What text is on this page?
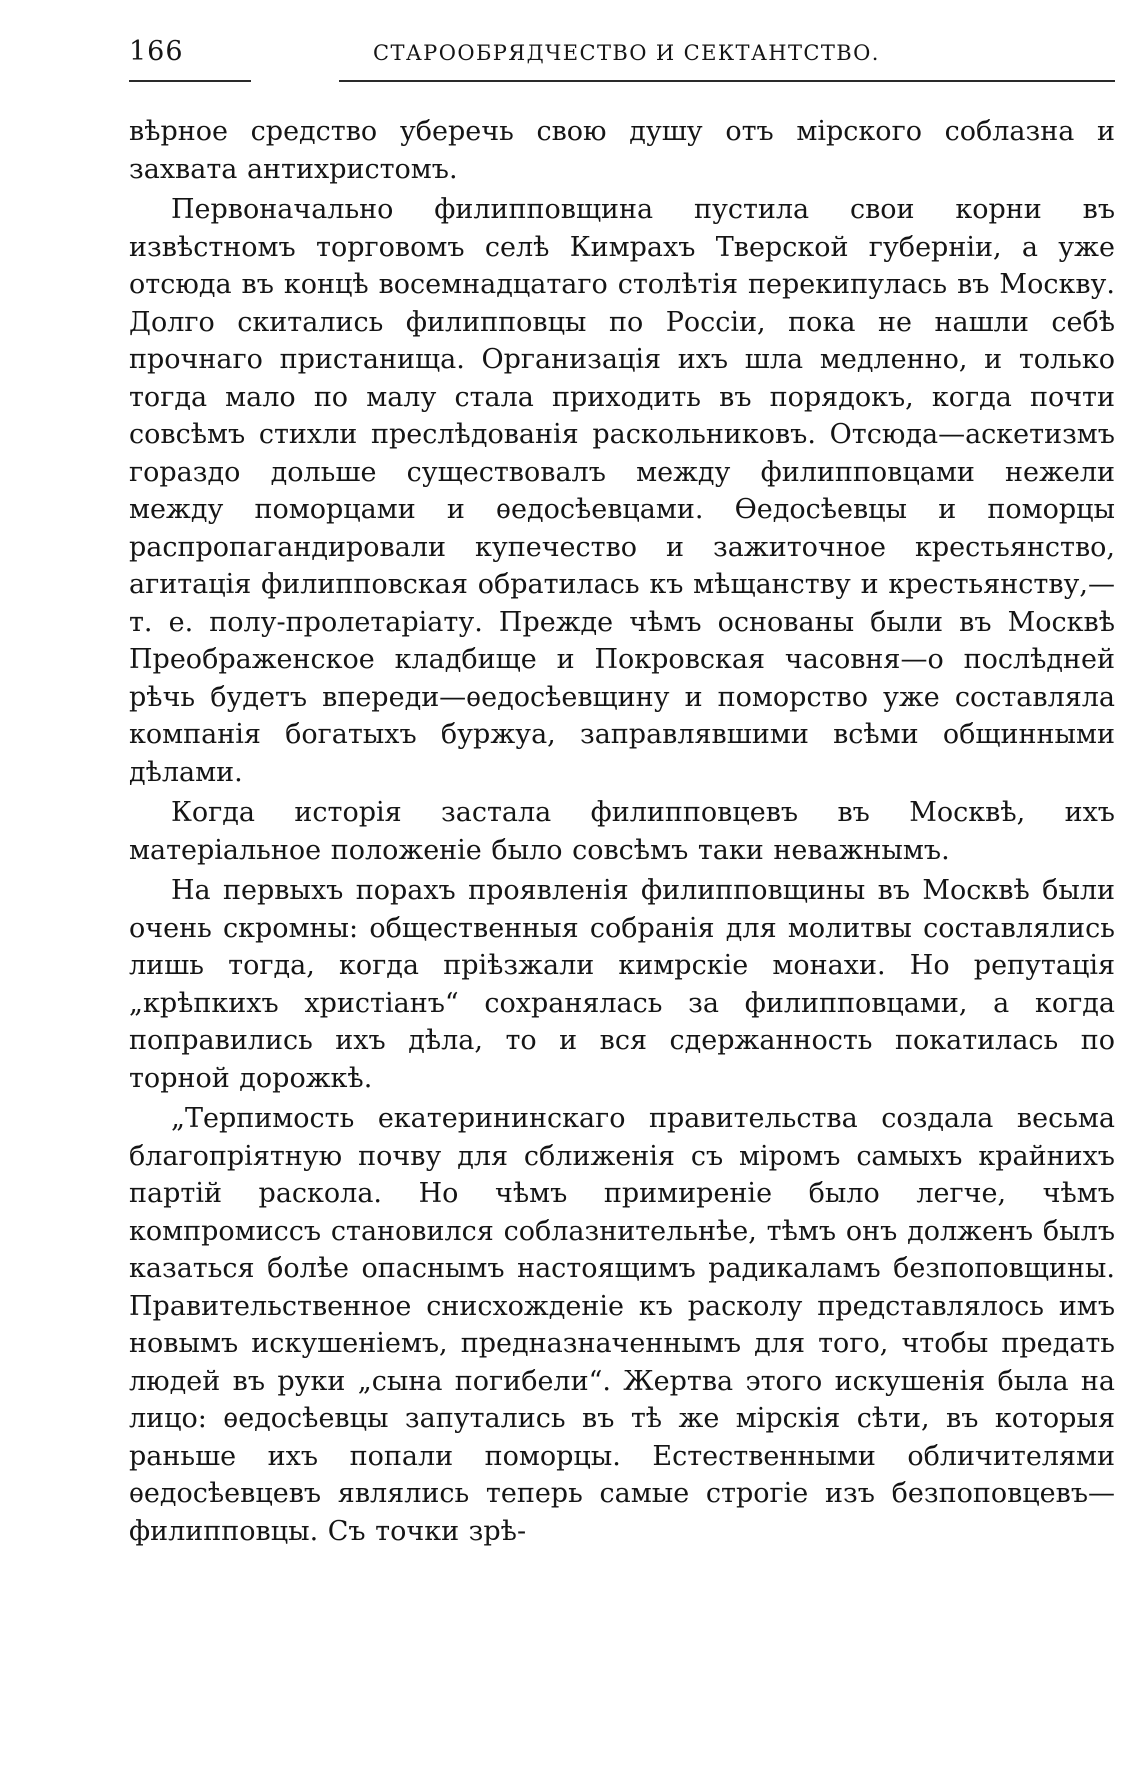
166	СТАРООБРЯДЧЕСТВО И СЕКТАНТСТВО.

вѣрное средство уберечь свою душу отъ мірского соблазна и захвата антихристомъ.

Первоначально филипповщина пустила свои корни въ извѣстномъ торговомъ селѣ Кимрахъ Тверской губерніи, а уже отсюда въ концѣ восемнадцатаго столѣтія перекипулась въ Москву. Долго скитались филипповцы по Россіи, пока не нашли себѣ прочнаго пристанища. Организація ихъ шла медленно, и только тогда мало по малу стала приходить въ порядокъ, когда почти совсѣмъ стихли преслѣдованія раскольниковъ. Отсюда—аскетизмъ гораздо дольше существовалъ между филипповцами нежели между поморцами и ѳедосѣевцами. Ѳедосѣевцы и поморцы распропагандировали купечество и зажиточное крестьянство, агитація филипповская обратилась къ мѣщанству и крестьянству,—т. е. полу-пролетаріату. Прежде чѣмъ основаны были въ Москвѣ Преображенское кладбище и Покровская часовня—о послѣдней рѣчь будетъ впереди—ѳедосѣевщину и поморство уже составляла компанія богатыхъ буржуа, заправлявшими всѣми общинными дѣлами.

Когда исторія застала филипповцевъ въ Москвѣ, ихъ матеріальное положеніе было совсѣмъ таки неважнымъ.

На первыхъ порахъ проявленія филипповщины въ Москвѣ были очень скромны: общественныя собранія для молитвы составлялись лишь тогда, когда пріѣзжали кимрскіе монахи. Но репутація „крѣпкихъ христіанъ“ сохранялась за филипповцами, а когда поправились ихъ дѣла, то и вся сдержанность покатилась по торной дорожкѣ.

„Терпимость екатерининскаго правительства создала весьма благопріятную почву для сближенія съ міромъ самыхъ крайнихъ партій раскола. Но чѣмъ примиреніе было легче, чѣмъ компромиссъ становился соблазнительнѣе, тѣмъ онъ долженъ былъ казаться болѣе опаснымъ настоящимъ радикаламъ безпоповщины. Правительственное снисхожденіе къ расколу представлялось имъ новымъ искушеніемъ, предназначеннымъ для того, чтобы предать людей въ руки „сына погибели“. Жертва этого искушенія была на лицо: ѳедосѣевцы запутались въ тѣ же мірскія сѣти, въ которыя раньше ихъ попали поморцы. Естественными обличителями ѳедосѣевцевъ являлись теперь самые строгіе изъ безпоповцевъ—филипповцы. Съ точки зрѣ-
